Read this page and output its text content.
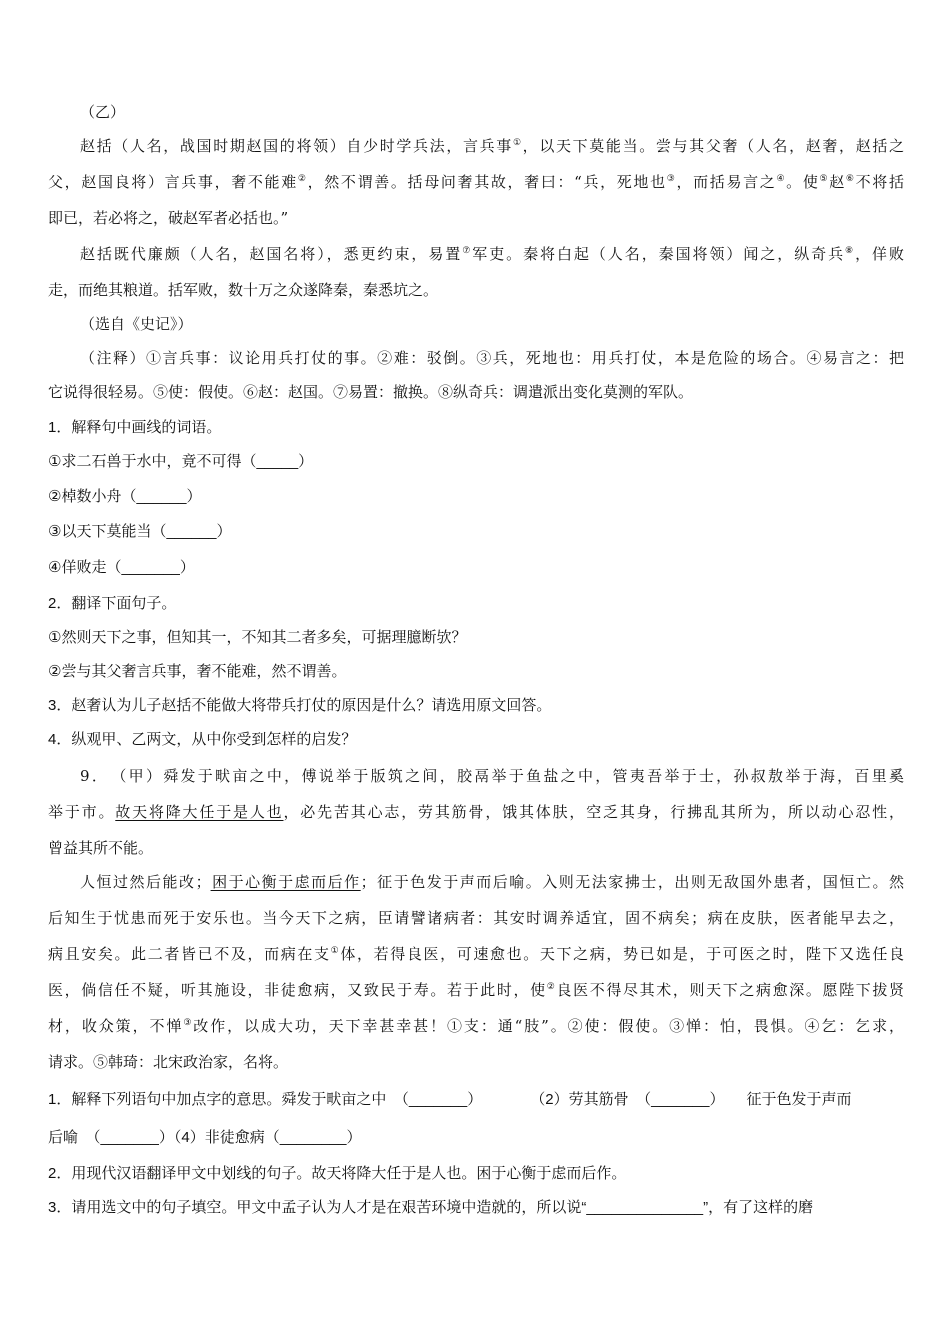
（乙）
赵括（人名，战国时期赵国的将领）自少时学兵法，言兵事①，以天下莫能当。尝与其父奢（人名，赵奢，赵括之
父，赵国良将）言兵事，奢不能难②，然不谓善。括母问奢其故，奢曰：“兵，死地也③，而括易言之④。使⑤赵⑥不将括
即已，若必将之，破赵军者必括也。”
赵括既代廉颇（人名，赵国名将），悉更约束，易置⑦军吏。秦将白起（人名，秦国将领）闻之，纵奇兵⑧，佯败
走，而绝其粮道。括军败，数十万之众遂降秦，秦悉坑之。
（选自《史记》）
（注释）①言兵事：议论用兵打仗的事。②难：驳倒。③兵，死地也：用兵打仗，本是危险的场合。④易言之：把
它说得很轻易。⑤使：假使。⑥赵：赵国。⑦易置：撤换。⑧纵奇兵：调遣派出变化莫测的军队。
1．解释句中画线的词语。
①求二石兽于水中，竟不可得（_____）
②棹数小舟（______）
③以天下莫能当（______）
④佯败走（_______）
2．翻译下面句子。
①然则天下之事，但知其一，不知其二者多矣，可据理臆断欤？
②尝与其父奢言兵事，奢不能难，然不谓善。
3．赵奢认为儿子赵括不能做大将带兵打仗的原因是什么？请选用原文回答。
4．纵观甲、乙两文，从中你受到怎样的启发？
9．　（甲）舜发于畎亩之中，傅说举于版筑之间，胶鬲举于鱼盐之中，管夷吾举于士，孙叔敖举于海，百里奚
举于市。故天将降大任于是人也，必先苦其心志，劳其筋骨，饿其体肤，空乏其身，行拂乱其所为，所以动心忍性，
曾益其所不能。
人恒过然后能改；困于心衡于虑而后作；征于色发于声而后喻。入则无法家拂士，出则无敌国外患者，国恒亡。然
后知生于忧患而死于安乐也。当今天下之病，臣请譬诸病者：其安时调养适宜，固不病矣；病在皮肤，医者能早去之，
病且安矣。此二者皆已不及，而病在支①体，若得良医，可速愈也。天下之病，势已如是，于可医之时，陛下又选任良
医，倘信任不疑，听其施设，非徒愈病，又致民于寿。若于此时，使②良医不得尽其术，则天下之病愈深。愿陛下拔贤
材，收众策，不惮③改作，以成大功，天下幸甚幸甚！①支：通“肢”。②使：假使。③惮：怕，畏惧。④乞：乞求，
请求。⑤韩琦：北宋政治家，名将。
1．解释下列语句中加点字的意思。舜发于畎亩之中　（_______）	（2）劳其筋骨　（_______） 征于色发于声而
后喻　（_______）（4）非徒愈病（________）
2．用现代汉语翻译甲文中划线的句子。故天将降大任于是人也。困于心衡于虑而后作。
3．请用选文中的句子填空。甲文中孟子认为人才是在艰苦环境中造就的，所以说“______________”，有了这样的磨
